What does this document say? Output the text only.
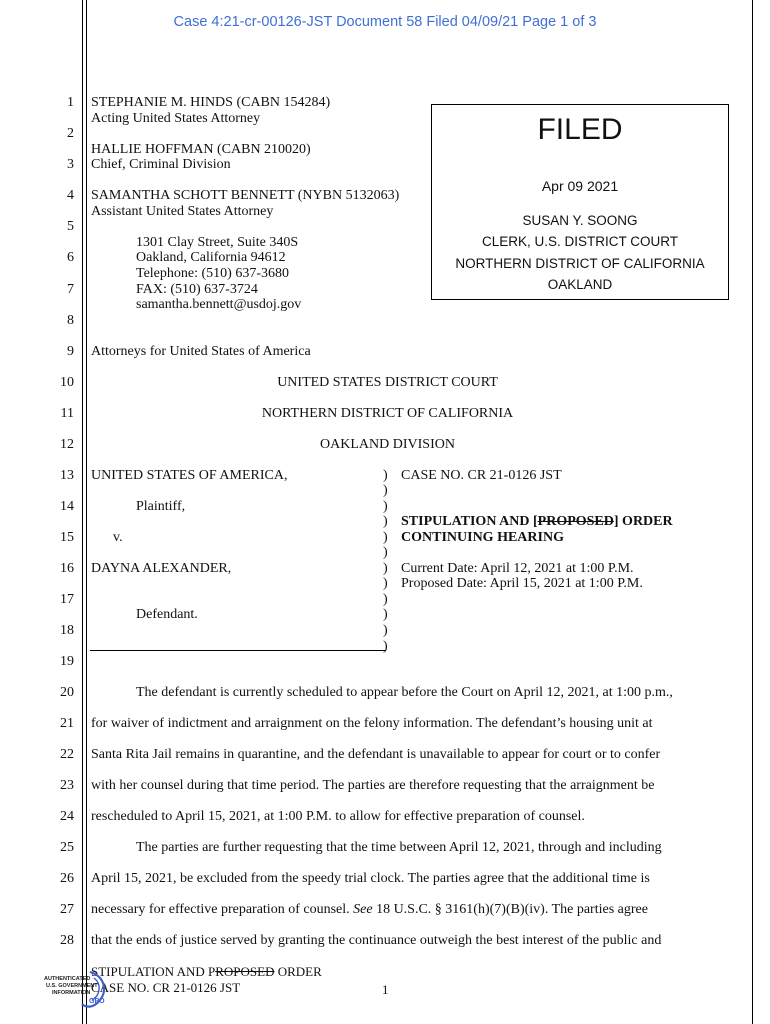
Case 4:21-cr-00126-JST Document 58 Filed 04/09/21 Page 1 of 3
1
2
3
4
5
6
7
8
9
10
11
12
13
14
15
16
17
18
19
20
21
22
23
24
25
26
27
28
STEPHANIE M. HINDS (CABN 154284)
Acting United States Attorney
HALLIE HOFFMAN (CABN 210020)
Chief, Criminal Division
SAMANTHA SCHOTT BENNETT (NYBN 5132063)
Assistant United States Attorney
1301 Clay Street, Suite 340S
Oakland, California 94612
Telephone: (510) 637-3680
FAX: (510) 637-3724
samantha.bennett@usdoj.gov
Attorneys for United States of America
FILED
Apr 09 2021
SUSAN Y. SOONG
CLERK, U.S. DISTRICT COURT
NORTHERN DISTRICT OF CALIFORNIA
OAKLAND
UNITED STATES DISTRICT COURT
NORTHERN DISTRICT OF CALIFORNIA
OAKLAND DIVISION
UNITED STATES OF AMERICA,
Plaintiff,
v.
DAYNA ALEXANDER,
Defendant.
)
)
)
)
)
)
)
)
)
)
)
)
CASE NO. CR 21-0126 JST
STIPULATION AND [PROPOSED] ORDER
CONTINUING HEARING
Current Date: April 12, 2021 at 1:00 P.M.
Proposed Date: April 15, 2021 at 1:00 P.M.
The defendant is currently scheduled to appear before the Court on April 12, 2021, at 1:00 p.m.,
for waiver of indictment and arraignment on the felony information. The defendant’s housing unit at
Santa Rita Jail remains in quarantine, and the defendant is unavailable to appear for court or to confer
with her counsel during that time period. The parties are therefore requesting that the arraignment be
rescheduled to April 15, 2021, at 1:00 P.M. to allow for effective preparation of counsel.
The parties are further requesting that the time between April 12, 2021, through and including
April 15, 2021, be excluded from the speedy trial clock. The parties agree that the additional time is
necessary for effective preparation of counsel. See 18 U.S.C. § 3161(h)(7)(B)(iv). The parties agree
that the ends of justice served by granting the continuance outweigh the best interest of the public and
STIPULATION AND PROPOSED ORDER
CASE NO. CR 21-0126 JST	1
AUTHENTICATED
U.S. GOVERNMENT
INFORMATION
GPO
